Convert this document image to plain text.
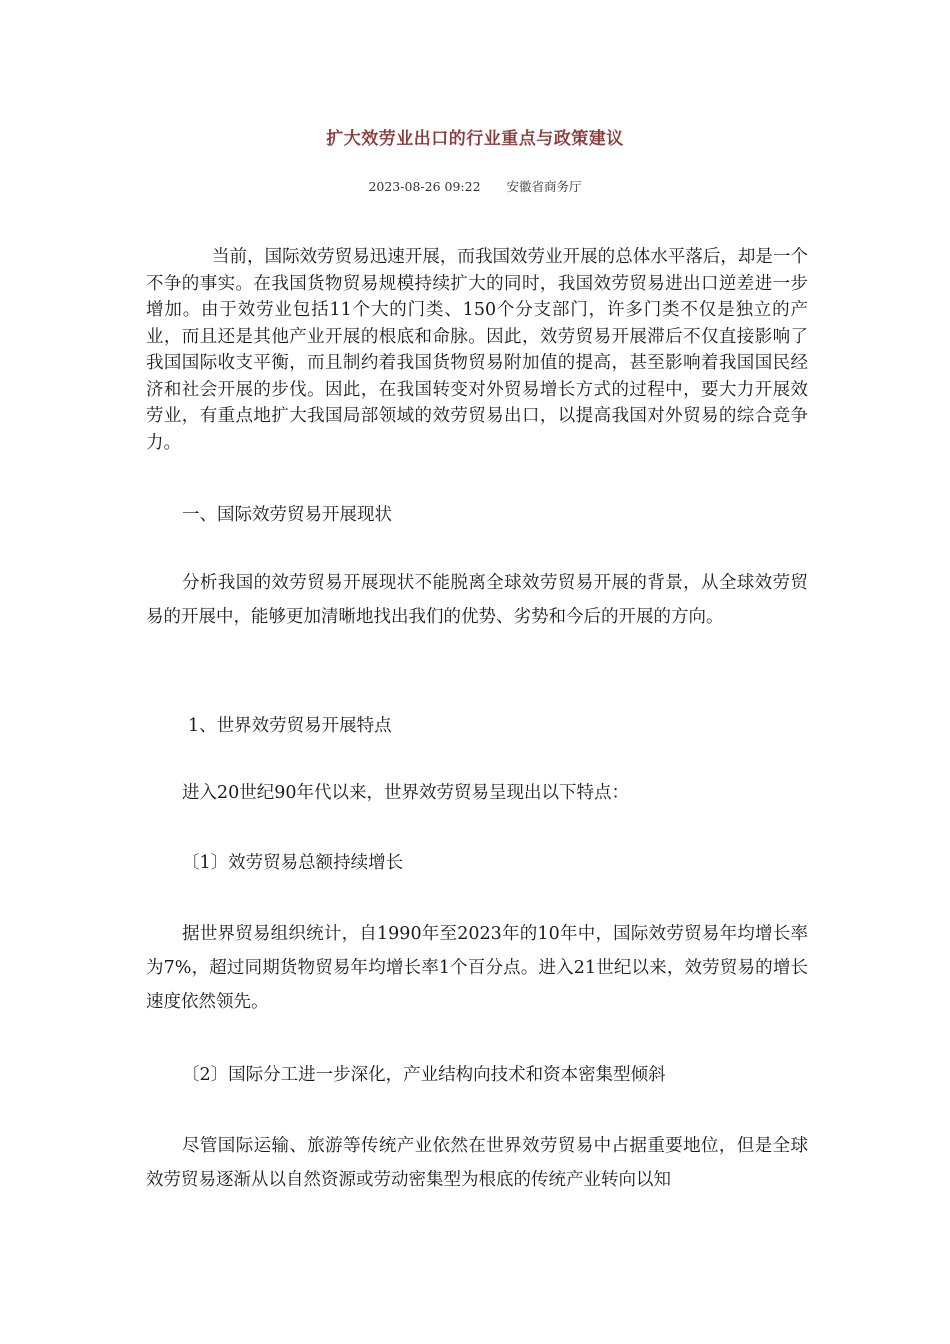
扩大效劳业出口的行业重点与政策建议
2023-08-26 09:22 安徽省商务厅
当前，国际效劳贸易迅速开展，而我国效劳业开展的总体水平落后，却是一个不争的事实。在我国货物贸易规模持续扩大的同时，我国效劳贸易进出口逆差进一步增加。由于效劳业包括11个大的门类、150个分支部门，许多门类不仅是独立的产业，而且还是其他产业开展的根底和命脉。因此，效劳贸易开展滞后不仅直接影响了我国国际收支平衡，而且制约着我国货物贸易附加值的提高，甚至影响着我国国民经济和社会开展的步伐。因此，在我国转变对外贸易增长方式的过程中，要大力开展效劳业，有重点地扩大我国局部领域的效劳贸易出口，以提高我国对外贸易的综合竞争力。
一、国际效劳贸易开展现状
分析我国的效劳贸易开展现状不能脱离全球效劳贸易开展的背景，从全球效劳贸易的开展中，能够更加清晰地找出我们的优势、劣势和今后的开展的方向。
1、世界效劳贸易开展特点
进入20世纪90年代以来，世界效劳贸易呈现出以下特点：
〔1〕效劳贸易总额持续增长
据世界贸易组织统计，自1990年至2023年的10年中，国际效劳贸易年均增长率为7%，超过同期货物贸易年均增长率1个百分点。进入21世纪以来，效劳贸易的增长速度依然领先。
〔2〕国际分工进一步深化，产业结构向技术和资本密集型倾斜
尽管国际运输、旅游等传统产业依然在世界效劳贸易中占据重要地位，但是全球效劳贸易逐渐从以自然资源或劳动密集型为根底的传统产业转向以知
